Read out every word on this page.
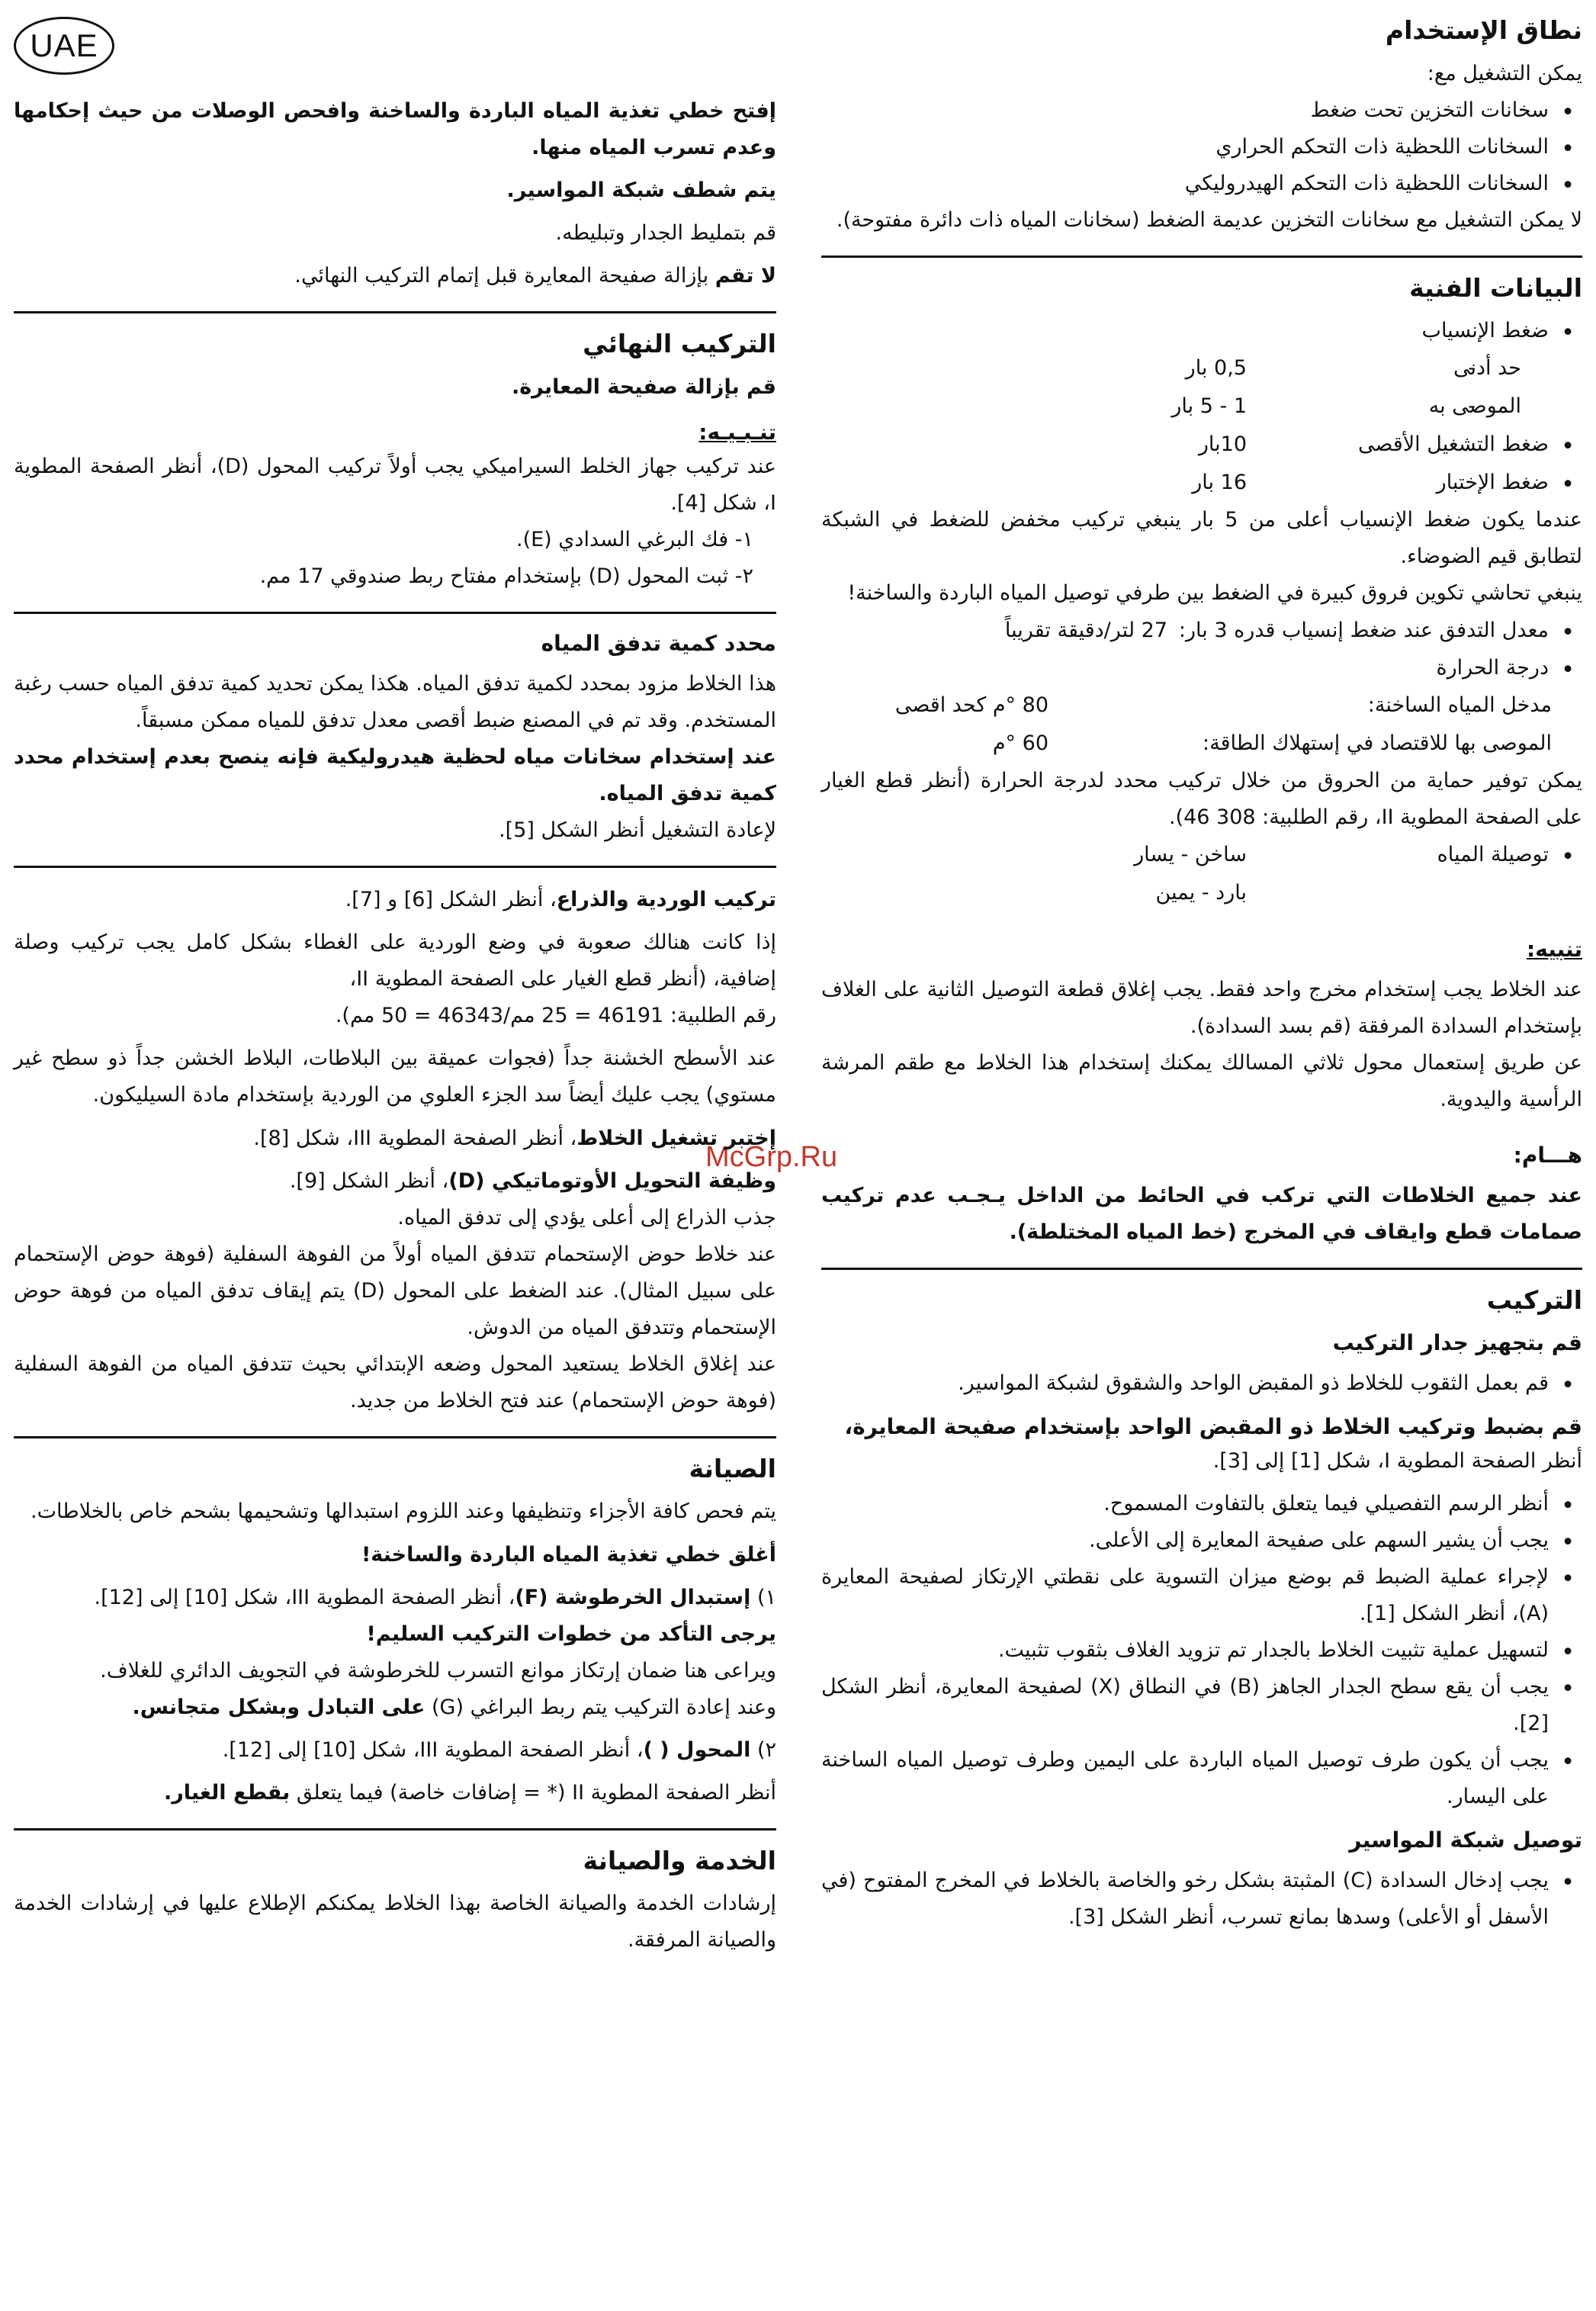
UAE
McGrp.Ru
نطاق الإستخدام

يمكن التشغيل مع:

• سخانات التخزين تحت ضغط
• السخانات اللحظية ذات التحكم الحراري
• السخانات اللحظية ذات التحكم الهيدروليكي

لا يمكن التشغيل مع سخانات التخزين عديمة الضغط (سخانات المياه ذات دائرة مفتوحة).

البيانات الفنية
• ضغط الإنسياب
- حد أدنى
0,5 بار
- الموصى به
1 - 5 بار
• ضغط التشغيل الأقصى
10بار
• ضغط الإختبار
16 بار

عندما يكون ضغط الإنسياب أعلى من 5 بار ينبغي تركيب مخفض للضغط في الشبكة لتطابق قيم الضوضاء.

ينبغي تحاشي تكوين فروق كبيرة في الضغط بين طرفي توصيل المياه الباردة والساخنة!

• معدل التدفق عند ضغط إنسياب قدره 3 بار:
27 لتر/دقيقة تقريباً
• درجة الحرارة
مدخل المياه الساخنة:
80 °م كحد اقصى
الموصى بها للاقتصاد في إستهلاك الطاقة:
60 °م

يمكن توفير حماية من الحروق من خلال تركيب محدد لدرجة الحرارة (أنظر قطع الغيار على الصفحة المطوية II، رقم الطلبية: 308 46).

• توصيلة المياه
ساخن - يسار
بارد - يمين
تنبيه:

عند الخلاط يجب إستخدام مخرج واحد فقط. يجب إغلاق قطعة التوصيل الثانية على الغلاف بإستخدام السدادة المرفقة (قم بسد السدادة).

عن طريق إستعمال محول ثلاثي المسالك يمكنك إستخدام هذا الخلاط مع طقم المرشة الرأسية واليدوية.

هـــام:

عند جميع الخلاطات التي تركب في الحائط من الداخل يـجـب عدم تركيب صمامات قطع وايقاف في المخرج (خط المياه المختلطة).

التركيب
قم بتجهيز جدار التركيب
• قم بعمل الثقوب للخلاط ذو المقبض الواحد والشقوق لشبكة المواسير.
قم بضبط وتركيب الخلاط ذو المقبض الواحد بإستخدام صفيحة المعايرة،

أنظر الصفحة المطوية I، شكل [1] إلى [3].

• أنظر الرسم التفصيلي فيما يتعلق بالتفاوت المسموح.
• يجب أن يشير السهم على صفيحة المعايرة إلى الأعلى.
• لإجراء عملية الضبط قم بوضع ميزان التسوية على نقطتي الإرتكاز لصفيحة المعايرة (A)، أنظر الشكل [1].
• لتسهيل عملية تثبيت الخلاط بالجدار تم تزويد الغلاف بثقوب تثبيت.
• يجب أن يقع سطح الجدار الجاهز (B) في النطاق (X) لصفيحة المعايرة، أنظر الشكل [2].
• يجب أن يكون طرف توصيل المياه الباردة على اليمين وطرف توصيل المياه الساخنة على اليسار.
توصيل شبكة المواسير
• يجب إدخال السدادة (C) المثبتة بشكل رخو والخاصة بالخلاط في المخرج المفتوح (في الأسفل أو الأعلى) وسدها بمانع تسرب، أنظر الشكل [3].

إفتح خطي تغذية المياه الباردة والساخنة وافحص الوصلات من حيث إحكامها وعدم تسرب المياه منها.

يتم شطف شبكة المواسير.

قم بتمليط الجدار وتبليطه.

لا تقم بإزالة صفيحة المعايرة قبل إتمام التركيب النهائي.

التركيب النهائي

قم بإزالة صفيحة المعايرة.

تنـبـيـه:

عند تركيب جهاز الخلط السيراميكي يجب أولاً تركيب المحول (D)، أنظر الصفحة المطوية I، شكل [4].

١- فك البرغي السدادي (E).

٢- ثبت المحول (D) بإستخدام مفتاح ربط صندوقي 17 مم.

محدد كمية تدفق المياه

هذا الخلاط مزود بمحدد لكمية تدفق المياه. هكذا يمكن تحديد كمية تدفق المياه حسب رغبة المستخدم. وقد تم في المصنع ضبط أقصى معدل تدفق للمياه ممكن مسبقاً.

عند إستخدام سخانات مياه لحظية هيدروليكية فإنه ينصح بعدم إستخدام محدد كمية تدفق المياه.

لإعادة التشغيل أنظر الشكل [5].

تركيب الوردية والذراع، أنظر الشكل [6] و [7].

إذا كانت هنالك صعوبة في وضع الوردية على الغطاء بشكل كامل يجب تركيب وصلة إضافية، (أنظر قطع الغيار على الصفحة المطوية II،

رقم الطلبية: 46191 = 25 مم/46343 = 50 مم).

عند الأسطح الخشنة جداً (فجوات عميقة بين البلاطات، البلاط الخشن جداً ذو سطح غير مستوي) يجب عليك أيضاً سد الجزء العلوي من الوردية بإستخدام مادة السيليكون.

إختبر تشغيل الخلاط، أنظر الصفحة المطوية III، شكل [8].

وظيفة التحويل الأوتوماتيكي (D)، أنظر الشكل [9].

جذب الذراع إلى أعلى يؤدي إلى تدفق المياه.

عند خلاط حوض الإستحمام تتدفق المياه أولاً من الفوهة السفلية (فوهة حوض الإستحمام على سبيل المثال). عند الضغط على المحول (D) يتم إيقاف تدفق المياه من فوهة حوض الإستحمام وتتدفق المياه من الدوش.

عند إغلاق الخلاط يستعيد المحول وضعه الإبتدائي بحيث تتدفق المياه من الفوهة السفلية (فوهة حوض الإستحمام) عند فتح الخلاط من جديد.

الصيانة

يتم فحص كافة الأجزاء وتنظيفها وعند اللزوم استبدالها وتشحيمها بشحم خاص بالخلاطات.

أغلق خطي تغذية المياه الباردة والساخنة!

١) إستبدال الخرطوشة (F)، أنظر الصفحة المطوية III، شكل [10] إلى [12].

يرجى التأكد من خطوات التركيب السليم!

ويراعى هنا ضمان إرتكاز موانع التسرب للخرطوشة في التجويف الدائري للغلاف.

وعند إعادة التركيب يتم ربط البراغي (G) على التبادل وبشكل متجانس.

٢) المحول ( )، أنظر الصفحة المطوية III، شكل [10] إلى [12].

أنظر الصفحة المطوية II (* = إضافات خاصة) فيما يتعلق بقطع الغيار.

الخدمة والصيانة

إرشادات الخدمة والصيانة الخاصة بهذا الخلاط يمكنكم الإطلاع عليها في إرشادات الخدمة والصيانة المرفقة.
